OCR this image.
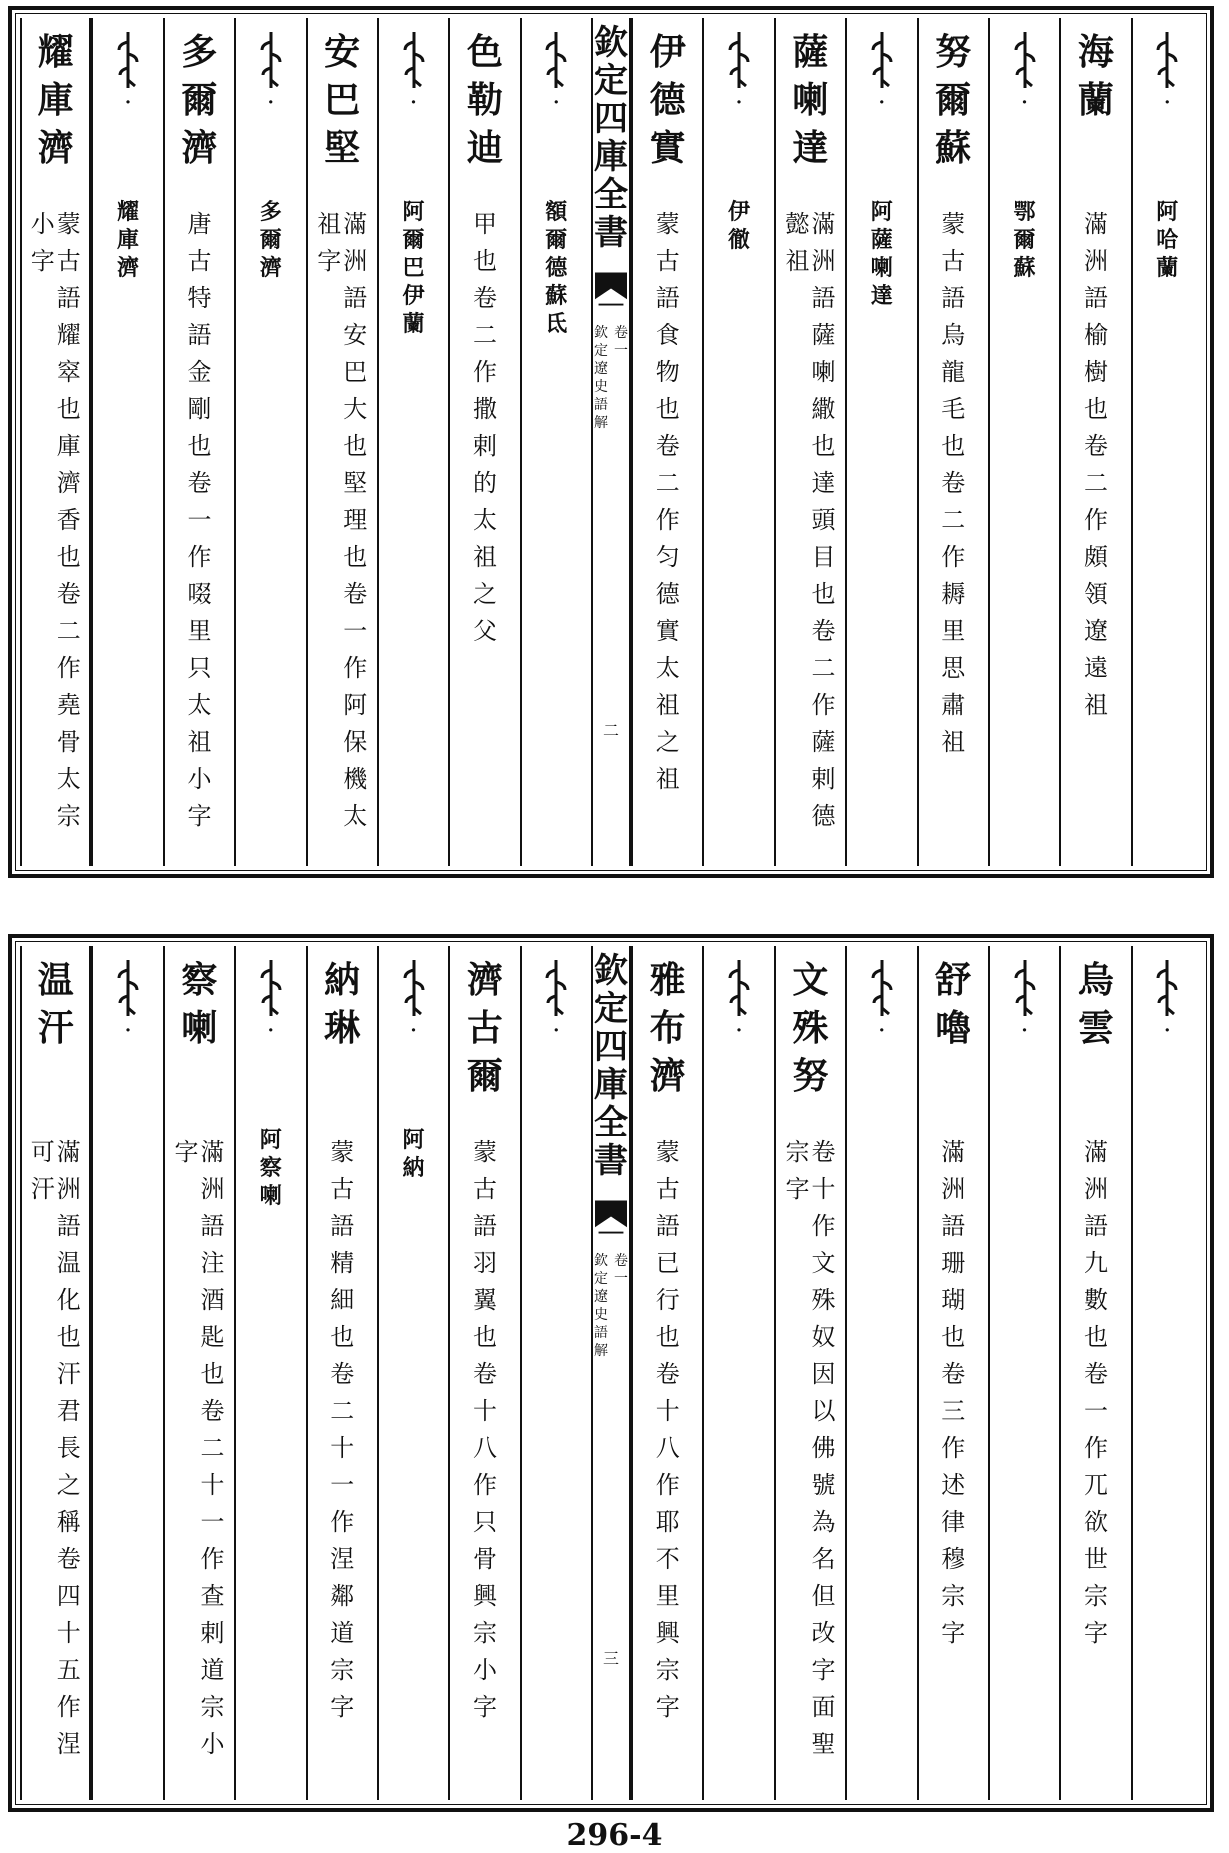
·
阿
哈
蘭
海
蘭
滿
洲
語
榆
樹
也
卷
二
作
頗
領
遼
遠
祖
·
鄂
爾
蘇
努
爾
蘇
蒙
古
語
烏
龍
毛
也
卷
二
作
耨
里
思
肅
祖
·
阿
薩
喇
達
薩
喇
達
滿
洲
語
薩
喇
繖
也
達
頭
目
也
卷
二
作
薩
剌
德
懿
祖
·
伊
徹
伊
德
實
蒙
古
語
食
物
也
卷
二
作
匀
德
實
太
祖
之
祖
欽
定
四
庫
全
書
欽
定
遼
史
語
解
卷
一
二
·
額
爾
德
蘇
氐
色
勒
迪
甲
也
卷
二
作
撒
剌
的
太
祖
之
父
·
阿
爾
巴
伊
蘭
安
巴
堅
滿
洲
語
安
巴
大
也
堅
理
也
卷
一
作
阿
保
機
太
祖
字
·
多
爾
濟
多
爾
濟
唐
古
特
語
金
剛
也
卷
一
作
啜
里
只
太
祖
小
字
·
耀
庫
濟
耀
庫
濟
蒙
古
語
耀
窣
也
庫
濟
香
也
卷
二
作
堯
骨
太
宗
小
字
·
烏
雲
滿
洲
語
九
數
也
卷
一
作
兀
欲
世
宗
字
·
舒
嚕
滿
洲
語
珊
瑚
也
卷
三
作
述
律
穆
宗
字
·
文
殊
努
卷
十
作
文
殊
奴
因
以
佛
號
為
名
但
改
字
面
聖
宗
字
·
雅
布
濟
蒙
古
語
已
行
也
卷
十
八
作
耶
不
里
興
宗
字
欽
定
四
庫
全
書
欽
定
遼
史
語
解
卷
一
三
·
濟
古
爾
蒙
古
語
羽
翼
也
卷
十
八
作
只
骨
興
宗
小
字
·
阿
納
納
琳
蒙
古
語
精
細
也
卷
二
十
一
作
涅
鄰
道
宗
字
·
阿
察
喇
察
喇
滿
洲
語
注
酒
匙
也
卷
二
十
一
作
查
剌
道
宗
小
字
·
温
汗
滿
洲
語
温
化
也
汗
君
長
之
稱
卷
四
十
五
作
涅
可
汗
296-4
